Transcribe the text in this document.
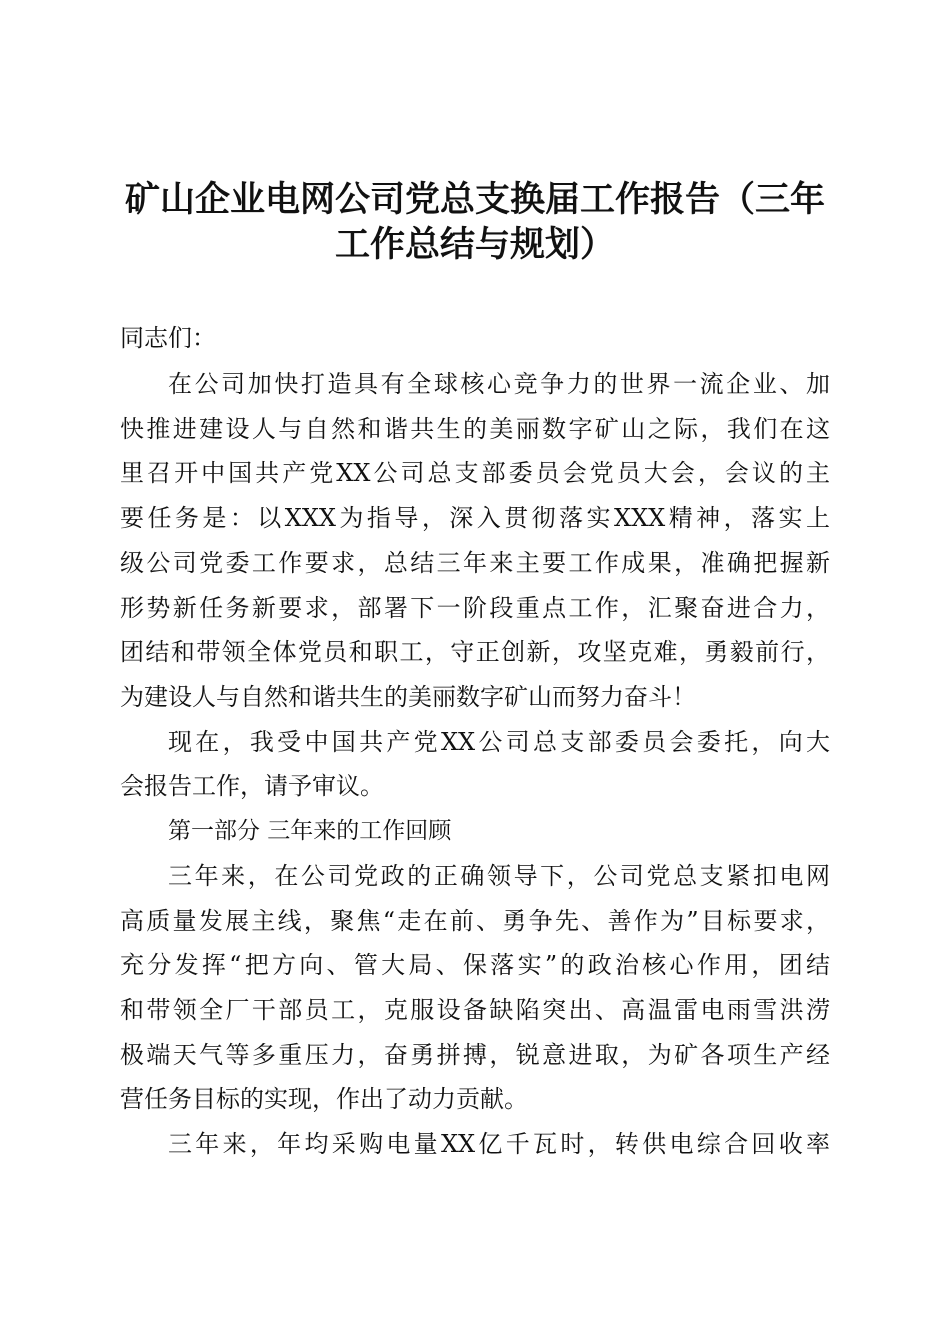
矿山企业电网公司党总支换届工作报告（三年
工作总结与规划）

同志们：

在公司加快打造具有全球核心竞争力的世界一流企业、加

快推进建设人与自然和谐共生的美丽数字矿山之际，我们在这

里召开中国共产党XX公司总支部委员会党员大会，会议的主

要任务是：以XXX为指导，深入贯彻落实XXX精神，落实上

级公司党委工作要求，总结三年来主要工作成果，准确把握新

形势新任务新要求，部署下一阶段重点工作，汇聚奋进合力，

团结和带领全体党员和职工，守正创新，攻坚克难，勇毅前行，

为建设人与自然和谐共生的美丽数字矿山而努力奋斗！

现在，我受中国共产党XX公司总支部委员会委托，向大

会报告工作，请予审议。

第一部分 三年来的工作回顾

三年来，在公司党政的正确领导下，公司党总支紧扣电网

高质量发展主线，聚焦“走在前、勇争先、善作为”目标要求，

充分发挥“把方向、管大局、保落实”的政治核心作用，团结

和带领全厂干部员工，克服设备缺陷突出、高温雷电雨雪洪涝

极端天气等多重压力，奋勇拼搏，锐意进取，为矿各项生产经

营任务目标的实现，作出了动力贡献。

三年来，年均采购电量XX亿千瓦时，转供电综合回收率
